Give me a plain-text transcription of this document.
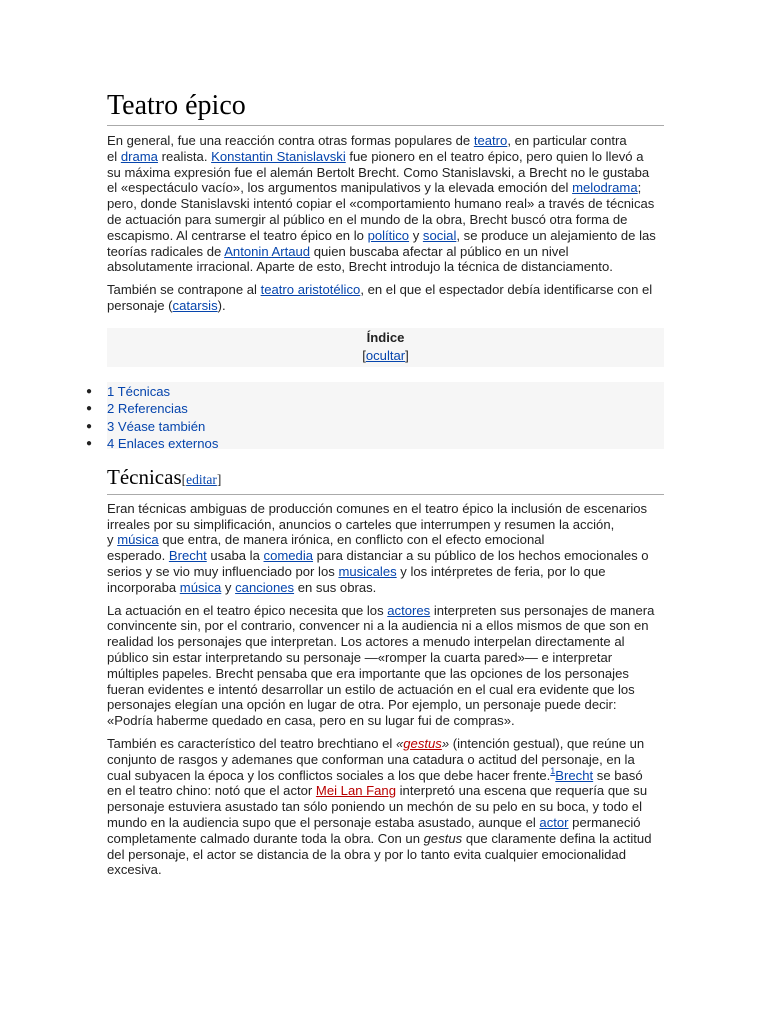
Teatro épico

En general, fue una reacción contra otras formas populares de teatro, en particular contra
el drama realista. Konstantin Stanislavski fue pionero en el teatro épico, pero quien lo llevó a
su máxima expresión fue el alemán Bertolt Brecht. Como Stanislavski, a Brecht no le gustaba
el «espectáculo vacío», los argumentos manipulativos y la elevada emoción del melodrama;
pero, donde Stanislavski intentó copiar el «comportamiento humano real» a través de técnicas
de actuación para sumergir al público en el mundo de la obra, Brecht buscó otra forma de
escapismo. Al centrarse el teatro épico en lo político y social, se produce un alejamiento de las
teorías radicales de Antonin Artaud quien buscaba afectar al público en un nivel
absolutamente irracional. Aparte de esto, Brecht introdujo la técnica de distanciamento.

También se contrapone al teatro aristotélico, en el que el espectador debía identificarse con el
personaje (catarsis).

Índice
[ocultar]
● 1 Técnicas
● 2 Referencias
● 3 Véase también
● 4 Enlaces externos
Técnicas[editar]

Eran técnicas ambiguas de producción comunes en el teatro épico la inclusión de escenarios
irreales por su simplificación, anuncios o carteles que interrumpen y resumen la acción,
y música que entra, de manera irónica, en conflicto con el efecto emocional
esperado. Brecht usaba la comedia para distanciar a su público de los hechos emocionales o
serios y se vio muy influenciado por los musicales y los intérpretes de feria, por lo que
incorporaba música y canciones en sus obras.

La actuación en el teatro épico necesita que los actores interpreten sus personajes de manera
convincente sin, por el contrario, convencer ni a la audiencia ni a ellos mismos de que son en
realidad los personajes que interpretan. Los actores a menudo interpelan directamente al
público sin estar interpretando su personaje —«romper la cuarta pared»— e interpretar
múltiples papeles. Brecht pensaba que era importante que las opciones de los personajes
fueran evidentes e intentó desarrollar un estilo de actuación en el cual era evidente que los
personajes elegían una opción en lugar de otra. Por ejemplo, un personaje puede decir:
«Podría haberme quedado en casa, pero en su lugar fui de compras».

También es característico del teatro brechtiano el «gestus» (intención gestual), que reúne un
conjunto de rasgos y ademanes que conforman una catadura o actitud del personaje, en la
cual subyacen la época y los conflictos sociales a los que debe hacer frente.$^1$Brecht se basó
en el teatro chino: notó que el actor Mei Lan Fang interpretó una escena que requería que su
personaje estuviera asustado tan sólo poniendo un mechón de su pelo en su boca, y todo el
mundo en la audiencia supo que el personaje estaba asustado, aunque el actor permaneció
completamente calmado durante toda la obra. Con un gestus que claramente defina la actitud
del personaje, el actor se distancia de la obra y por lo tanto evita cualquier emocionalidad
excesiva.
